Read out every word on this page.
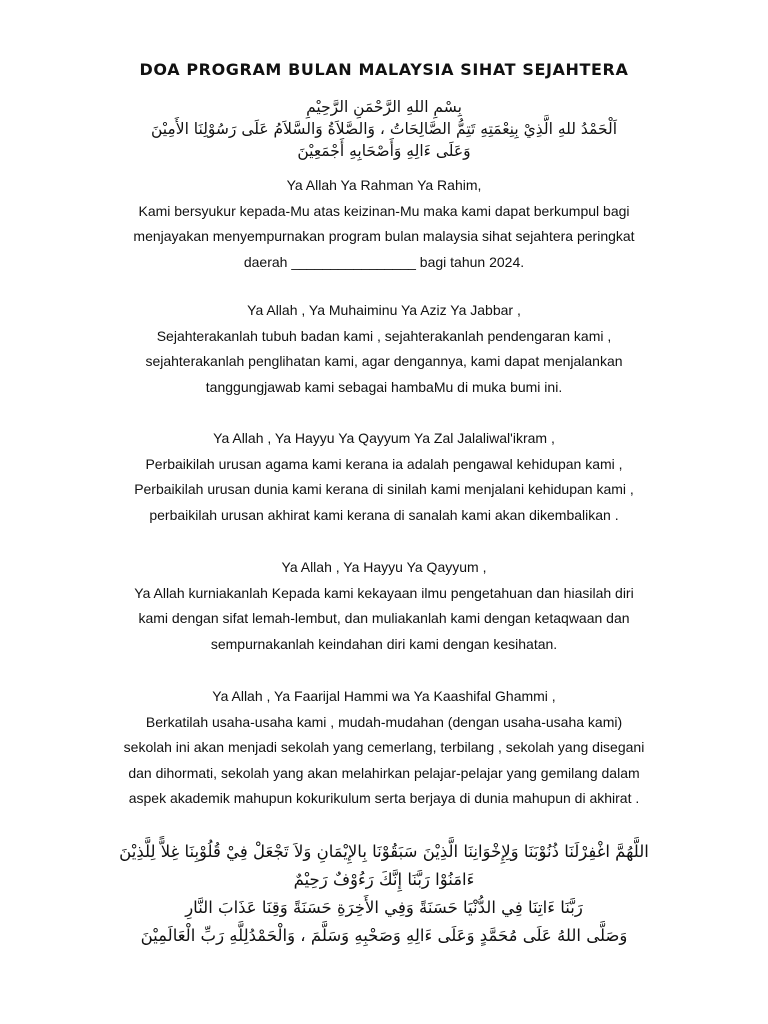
DOA PROGRAM BULAN MALAYSIA SIHAT SEJAHTERA
بِسْمِ اللهِ الرَّحْمَنِ الرَّحِيْمِ
اَلْحَمْدُ للهِ الَّذِيْ بِنِعْمَتِهِ تَتِمُّ الصَّالِحَاتُ ، وَالصَّلاَةُ وَالسَّلاَمُ عَلَى رَسُوْلِنَا الأَمِيْنَ
وَعَلَى ءَالِهِ وَأَصْحَابِهِ أَجْمَعِيْنَ
Ya Allah Ya Rahman Ya Rahim,
Kami bersyukur kepada-Mu atas keizinan-Mu maka kami dapat berkumpul bagi
menjayakan menyempurnakan program bulan malaysia sihat sejahtera peringkat
daerah ________________ bagi tahun 2024.
Ya Allah , Ya Muhaiminu Ya Aziz Ya Jabbar ,
Sejahterakanlah tubuh badan kami , sejahterakanlah pendengaran kami ,
sejahterakanlah penglihatan kami, agar dengannya, kami dapat menjalankan
tanggungjawab kami sebagai hambaMu di muka bumi ini.
Ya Allah , Ya Hayyu Ya Qayyum Ya Zal Jalaliwal'ikram ,
Perbaikilah urusan agama kami kerana ia adalah pengawal kehidupan kami ,
Perbaikilah urusan dunia kami kerana di sinilah kami menjalani kehidupan kami ,
perbaikilah urusan akhirat kami kerana di sanalah kami akan dikembalikan .
Ya Allah , Ya Hayyu Ya Qayyum ,
Ya Allah kurniakanlah Kepada kami kekayaan ilmu pengetahuan dan hiasilah diri
kami dengan sifat lemah-lembut, dan muliakanlah kami dengan ketaqwaan dan
sempurnakanlah keindahan diri kami dengan kesihatan.
Ya Allah , Ya Faarijal Hammi wa Ya Kaashifal Ghammi ,
Berkatilah usaha-usaha kami , mudah-mudahan (dengan usaha-usaha kami)
sekolah ini akan menjadi sekolah yang cemerlang, terbilang , sekolah yang disegani
dan dihormati, sekolah yang akan melahirkan pelajar-pelajar yang gemilang dalam
aspek akademik mahupun kokurikulum serta berjaya di dunia mahupun di akhirat .
اللَّهُمَّ اغْفِرْلَنَا ذُنُوْبَنَا وَلِإِخْوَانِنَا الَّذِيْنَ سَبَقُوْنَا بِالإِيْمَانِ وَلاَ تَجْعَلْ فِيْ قُلُوْبِنَا غِلاًّ لِلَّذِيْنَ
ءَامَنُوْا رَبَّنَا إِنَّكَ رَءُوْفٌ رَحِيْمٌ
رَبَّنَا ءَاتِنَا فِي الدُّنْيَا حَسَنَةً وَفِي الأَخِرَةِ حَسَنَةً وَقِنَا عَذَابَ النَّارِ
وَصَلَّى اللهُ عَلَى مُحَمَّدٍ وَعَلَى ءَالِهِ وَصَحْبِهِ وَسَلَّمَ ، وَالْحَمْدُلِلَّهِ رَبِّ الْعَالَمِيْنَ
